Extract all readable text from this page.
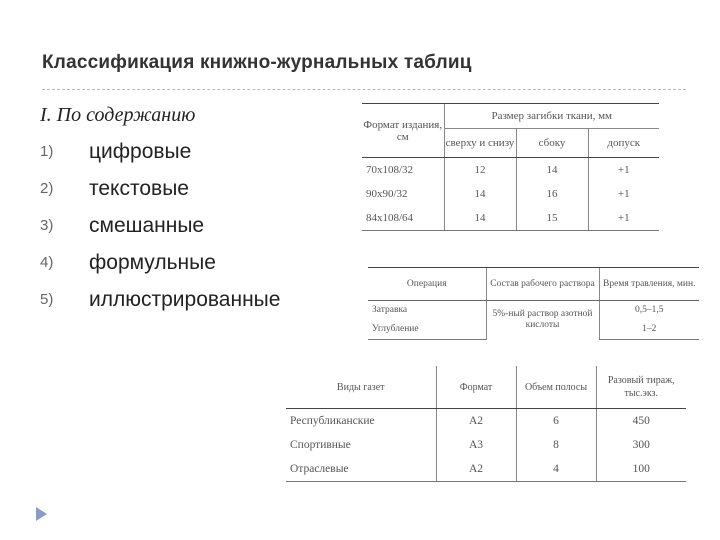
Классификация книжно-журнальных таблиц
I. По содержанию
1) цифровые
2) текстовые
3) смешанные
4) формульные
5) иллюстрированные
Формат издания, см	Размер загибки ткани, мм		
	сверху и снизу	сбоку	допуск
70x108/32	12	14	+1
90x90/32	14	16	+1
84x108/64	14	15	+1
Операция	Состав рабочего раствора	Время травления, мин.
Затравка	5%-ный раствор азотной кислоты	0,5–1,5
Углубление		1–2
Виды газет	Формат	Объем полосы	Разовый тираж, тыс.экз.
Республиканские	А2	6	450
Спортивные	А3	8	300
Отраслевые	А2	4	100
